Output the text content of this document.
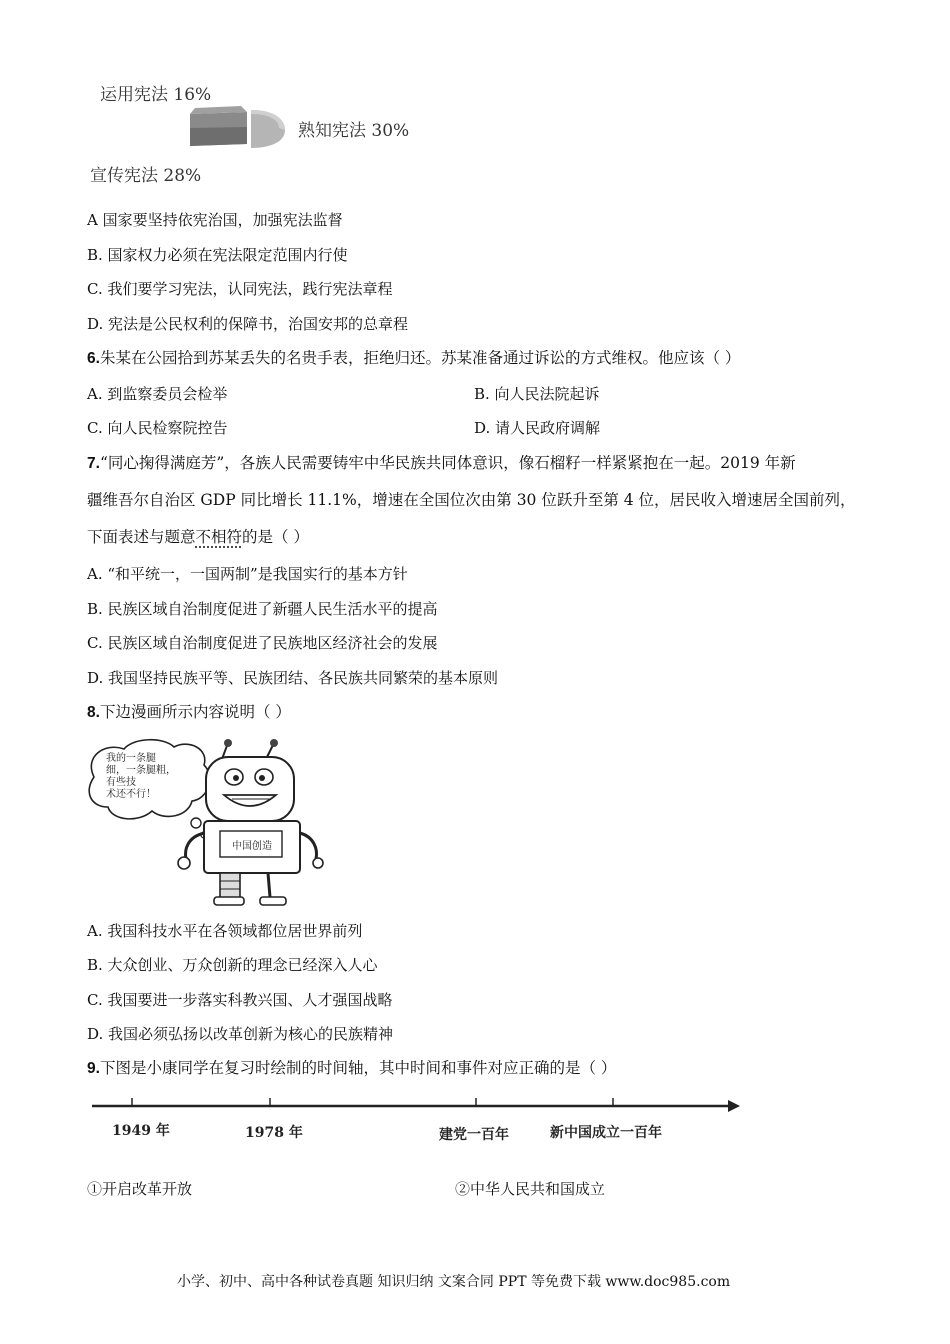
运用宪法 16%
熟知宪法 30%
宣传宪法 28%
A 国家要坚持依宪治国，加强宪法监督
B. 国家权力必须在宪法限定范围内行使
C. 我们要学习宪法，认同宪法，践行宪法章程
D. 宪法是公民权利的保障书，治国安邦的总章程
6.朱某在公园拾到苏某丢失的名贵手表，拒绝归还。苏某准备通过诉讼的方式维权。他应该（ ）
A. 到监察委员会检举	B. 向人民法院起诉
C. 向人民检察院控告	D. 请人民政府调解
7.“同心掬得满庭芳”，各族人民需要铸牢中华民族共同体意识，像石榴籽一样紧紧抱在一起。2019 年新
疆维吾尔自治区 GDP 同比增长 11.1%，增速在全国位次由第 30 位跃升至第 4 位，居民收入增速居全国前列，
下面表述与题意不相符的是（ ）
A. “和平统一，一国两制”是我国实行的基本方针
B. 民族区域自治制度促进了新疆人民生活水平的提高
C. 民族区域自治制度促进了民族地区经济社会的发展
D. 我国坚持民族平等、民族团结、各民族共同繁荣的基本原则
8.下边漫画所示内容说明（ ）
我的一条腿
细，一条腿粗，
有些技
术还不行！
中国创造
A. 我国科技水平在各领域都位居世界前列
B. 大众创业、万众创新的理念已经深入人心
C. 我国要进一步落实科教兴国、人才强国战略
D. 我国必须弘扬以改革创新为核心的民族精神
9.下图是小康同学在复习时绘制的时间轴，其中时间和事件对应正确的是（ ）
1949 年	1978 年	建党一百年	新中国成立一百年
①开启改革开放	②中华人民共和国成立
小学、初中、高中各种试卷真题 知识归纳 文案合同 PPT 等免费下载 www.doc985.com
